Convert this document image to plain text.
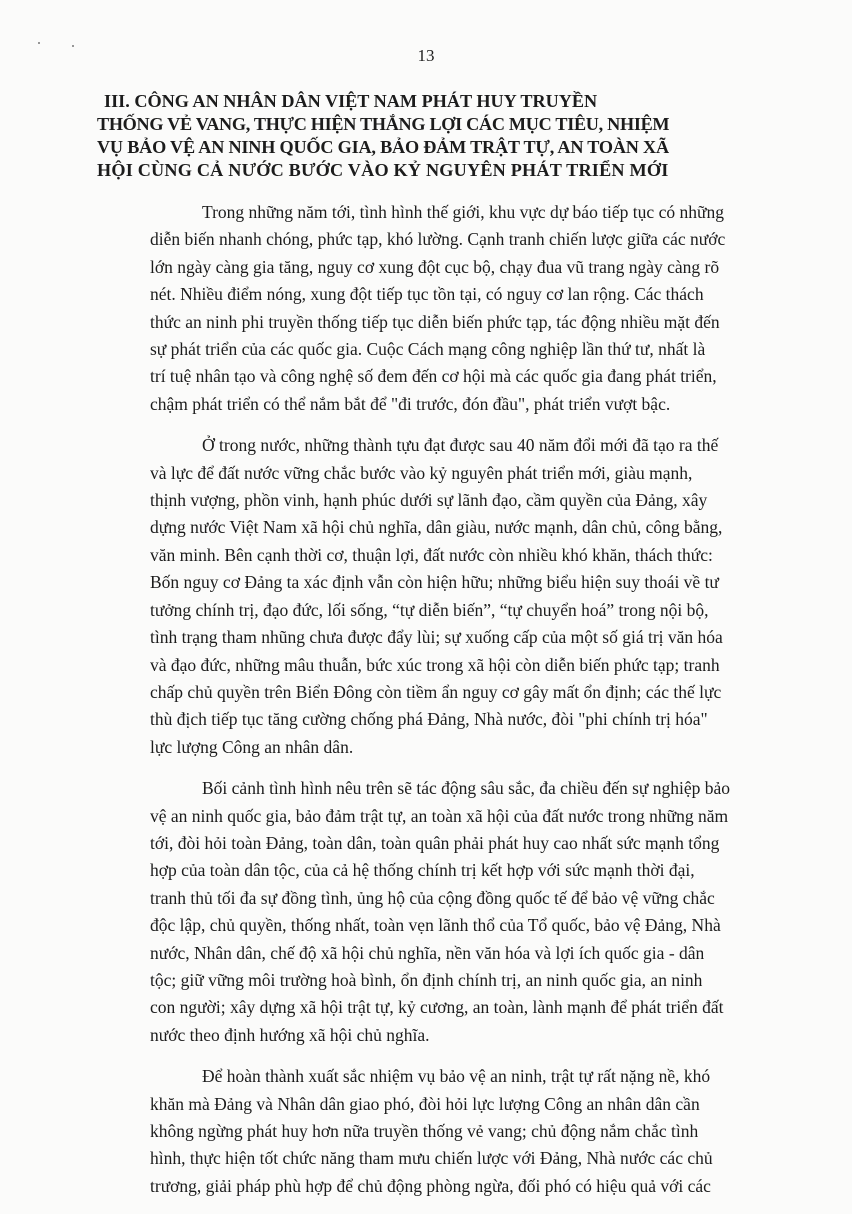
13
III. CÔNG AN NHÂN DÂN VIỆT NAM PHÁT HUY TRUYỀN
THỐNG VẺ VANG, THỰC HIỆN THẮNG LỢI CÁC MỤC TIÊU, NHIỆM
VỤ BẢO VỆ AN NINH QUỐC GIA, BẢO ĐẢM TRẬT TỰ, AN TOÀN XÃ
HỘI CÙNG CẢ NƯỚC BƯỚC VÀO KỶ NGUYÊN PHÁT TRIỂN MỚI

Trong những năm tới, tình hình thế giới, khu vực dự báo tiếp tục có những
diễn biến nhanh chóng, phức tạp, khó lường. Cạnh tranh chiến lược giữa các nước
lớn ngày càng gia tăng, nguy cơ xung đột cục bộ, chạy đua vũ trang ngày càng rõ
nét. Nhiều điểm nóng, xung đột tiếp tục tồn tại, có nguy cơ lan rộng. Các thách
thức an ninh phi truyền thống tiếp tục diễn biến phức tạp, tác động nhiều mặt đến
sự phát triển của các quốc gia. Cuộc Cách mạng công nghiệp lần thứ tư, nhất là
trí tuệ nhân tạo và công nghệ số đem đến cơ hội mà các quốc gia đang phát triển,
chậm phát triển có thể nắm bắt để "đi trước, đón đầu", phát triển vượt bậc.

Ở trong nước, những thành tựu đạt được sau 40 năm đổi mới đã tạo ra thế
và lực để đất nước vững chắc bước vào kỷ nguyên phát triển mới, giàu mạnh,
thịnh vượng, phồn vinh, hạnh phúc dưới sự lãnh đạo, cầm quyền của Đảng, xây
dựng nước Việt Nam xã hội chủ nghĩa, dân giàu, nước mạnh, dân chủ, công bằng,
văn minh. Bên cạnh thời cơ, thuận lợi, đất nước còn nhiều khó khăn, thách thức:
Bốn nguy cơ Đảng ta xác định vẫn còn hiện hữu; những biểu hiện suy thoái về tư
tưởng chính trị, đạo đức, lối sống, “tự diễn biến”, “tự chuyển hoá” trong nội bộ,
tình trạng tham nhũng chưa được đẩy lùi; sự xuống cấp của một số giá trị văn hóa
và đạo đức, những mâu thuẫn, bức xúc trong xã hội còn diễn biến phức tạp; tranh
chấp chủ quyền trên Biển Đông còn tiềm ẩn nguy cơ gây mất ổn định; các thế lực
thù địch tiếp tục tăng cường chống phá Đảng, Nhà nước, đòi "phi chính trị hóa"
lực lượng Công an nhân dân.

Bối cảnh tình hình nêu trên sẽ tác động sâu sắc, đa chiều đến sự nghiệp bảo
vệ an ninh quốc gia, bảo đảm trật tự, an toàn xã hội của đất nước trong những năm
tới, đòi hỏi toàn Đảng, toàn dân, toàn quân phải phát huy cao nhất sức mạnh tổng
hợp của toàn dân tộc, của cả hệ thống chính trị kết hợp với sức mạnh thời đại,
tranh thủ tối đa sự đồng tình, ủng hộ của cộng đồng quốc tế để bảo vệ vững chắc
độc lập, chủ quyền, thống nhất, toàn vẹn lãnh thổ của Tổ quốc, bảo vệ Đảng, Nhà
nước, Nhân dân, chế độ xã hội chủ nghĩa, nền văn hóa và lợi ích quốc gia - dân
tộc; giữ vững môi trường hoà bình, ổn định chính trị, an ninh quốc gia, an ninh
con người; xây dựng xã hội trật tự, kỷ cương, an toàn, lành mạnh để phát triển đất
nước theo định hướng xã hội chủ nghĩa.

Để hoàn thành xuất sắc nhiệm vụ bảo vệ an ninh, trật tự rất nặng nề, khó
khăn mà Đảng và Nhân dân giao phó, đòi hỏi lực lượng Công an nhân dân cần
không ngừng phát huy hơn nữa truyền thống vẻ vang; chủ động nắm chắc tình
hình, thực hiện tốt chức năng tham mưu chiến lược với Đảng, Nhà nước các chủ
trương, giải pháp phù hợp để chủ động phòng ngừa, đối phó có hiệu quả với các
